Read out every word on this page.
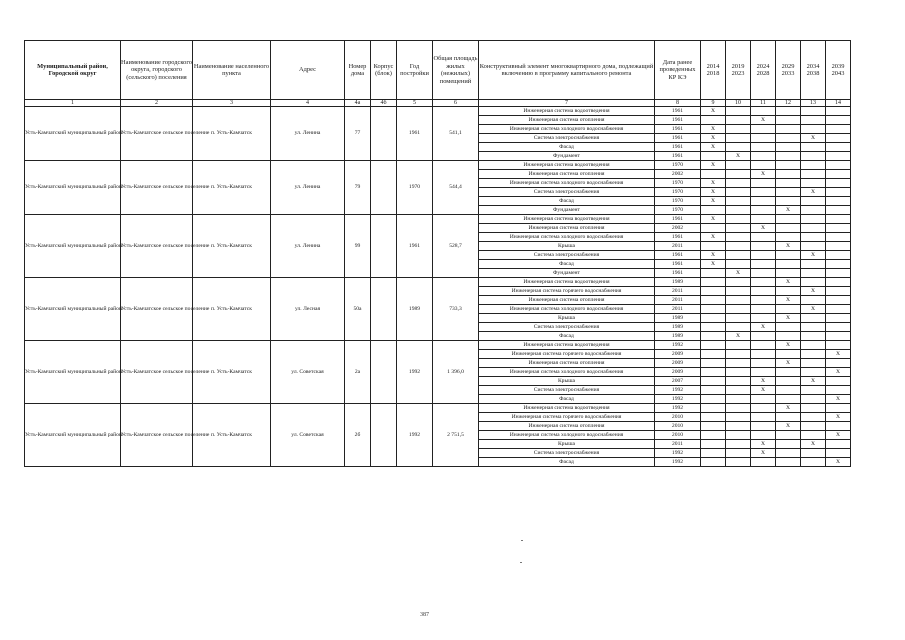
Муниципальный район, Городской округ	Наименование городского округа, городского (сельского) поселения	Наименование населенного пункта	Адрес	Номер дома	Корпус (блок)	Год постройки	Общая площадь жилых (нежилых) помещений	Конструктивный элемент многоквартирного дома, подлежащий включению в программу капитального ремонта	Дата ранее проведенных КР КЭ	2014 2018	2019 2023	2024 2028	2029 2033	2034 2038	2039 2043
1	2	3	4	4а	4б	5	6	7	8	9	10	11	12	13	14
Усть-Камчатский муниципальный район	Усть-Камчатское сельское поселение	п. Усть-Камчатск	ул. Ленина	77		1961	541,1	Инженерная система водоотведения	1961	X					
								Инженерная система отопления	1961			X			
								Инженерная система холодного водоснабжения	1961	X					
								Система электроснабжения	1961	X				X	
								Фасад	1961	X					
								Фундамент	1961		X				
Усть-Камчатский муниципальный район	Усть-Камчатское сельское поселение	п. Усть-Камчатск	ул. Ленина	79		1970	544,4	Инженерная система водоотведения	1970	X					
								Инженерная система отопления	2002			X			
								Инженерная система холодного водоснабжения	1970	X					
								Система электроснабжения	1970	X				X	
								Фасад	1970	X					
								Фундамент	1970				X		
Усть-Камчатский муниципальный район	Усть-Камчатское сельское поселение	п. Усть-Камчатск	ул. Ленина	99		1961	528,7	Инженерная система водоотведения	1961	X					
								Инженерная система отопления	2002			X			
								Инженерная система холодного водоснабжения	1961	X					
								Крыша	2011				X		
								Система электроснабжения	1961	X				X	
								Фасад	1961	X					
								Фундамент	1961		X				
Усть-Камчатский муниципальный район	Усть-Камчатское сельское поселение	п. Усть-Камчатск	ул. Лесная	50а		1989	733,3	Инженерная система водоотведения	1989				X		
								Инженерная система горячего водоснабжения	2011					X	
								Инженерная система отопления	2011				X		
								Инженерная система холодного водоснабжения	2011					X	
								Крыша	1989				X		
								Система электроснабжения	1989			X			
								Фасад	1989		X				
Усть-Камчатский муниципальный район	Усть-Камчатское сельское поселение	п. Усть-Камчатск	ул. Советская	2а		1992	1 396,0	Инженерная система водоотведения	1992				X		
								Инженерная система горячего водоснабжения	2009						X
								Инженерная система отопления	2009				X		
								Инженерная система холодного водоснабжения	2009						X
								Крыша	2007			X		X	
								Система электроснабжения	1992			X			
								Фасад	1992						X
Усть-Камчатский муниципальный район	Усть-Камчатское сельское поселение	п. Усть-Камчатск	ул. Советская	2б		1992	2 751,5	Инженерная система водоотведения	1992				X		
								Инженерная система горячего водоснабжения	2010						X
								Инженерная система отопления	2010				X		
								Инженерная система холодного водоснабжения	2010						X
								Крыша	2011			X		X	
								Система электроснабжения	1992			X			
								Фасад	1992						X
387
